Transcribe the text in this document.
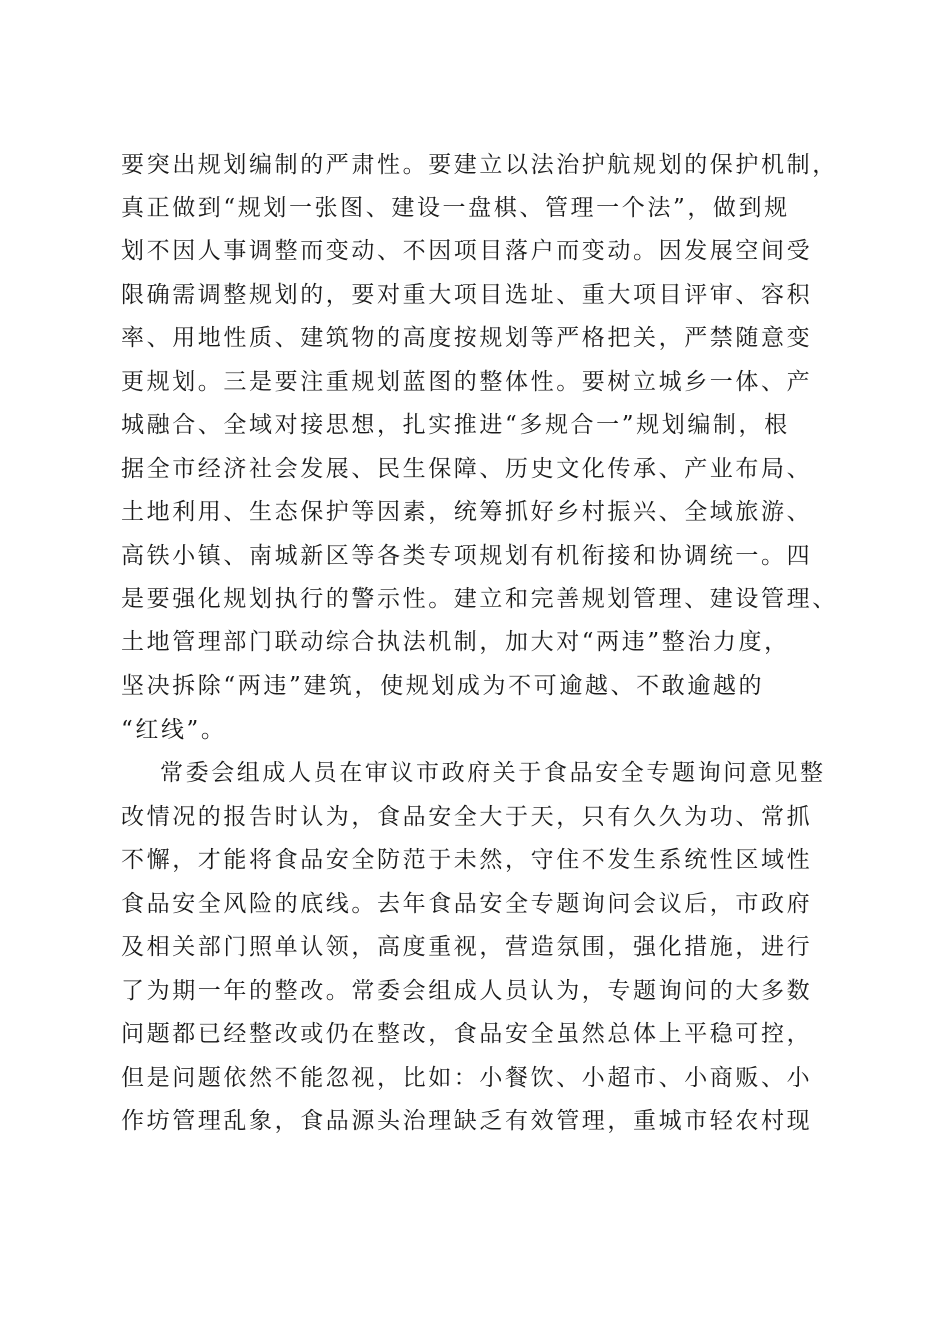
要突出规划编制的严肃性。要建立以法治护航规划的保护机制，
真正做到“规划一张图、建设一盘棋、管理一个法”，做到规
划不因人事调整而变动、不因项目落户而变动。因发展空间受
限确需调整规划的，要对重大项目选址、重大项目评审、容积
率、用地性质、建筑物的高度按规划等严格把关，严禁随意变
更规划。三是要注重规划蓝图的整体性。要树立城乡一体、产
城融合、全域对接思想，扎实推进“多规合一”规划编制，根
据全市经济社会发展、民生保障、历史文化传承、产业布局、
土地利用、生态保护等因素，统筹抓好乡村振兴、全域旅游、
高铁小镇、南城新区等各类专项规划有机衔接和协调统一。四
是要强化规划执行的警示性。建立和完善规划管理、建设管理、
土地管理部门联动综合执法机制，加大对“两违”整治力度，
坚决拆除“两违”建筑，使规划成为不可逾越、不敢逾越的
“红线”。
常委会组成人员在审议市政府关于食品安全专题询问意见整
改情况的报告时认为，食品安全大于天，只有久久为功、常抓
不懈，才能将食品安全防范于未然，守住不发生系统性区域性
食品安全风险的底线。去年食品安全专题询问会议后，市政府
及相关部门照单认领，高度重视，营造氛围，强化措施，进行
了为期一年的整改。常委会组成人员认为，专题询问的大多数
问题都已经整改或仍在整改，食品安全虽然总体上平稳可控，
但是问题依然不能忽视，比如：小餐饮、小超市、小商贩、小
作坊管理乱象，食品源头治理缺乏有效管理，重城市轻农村现
